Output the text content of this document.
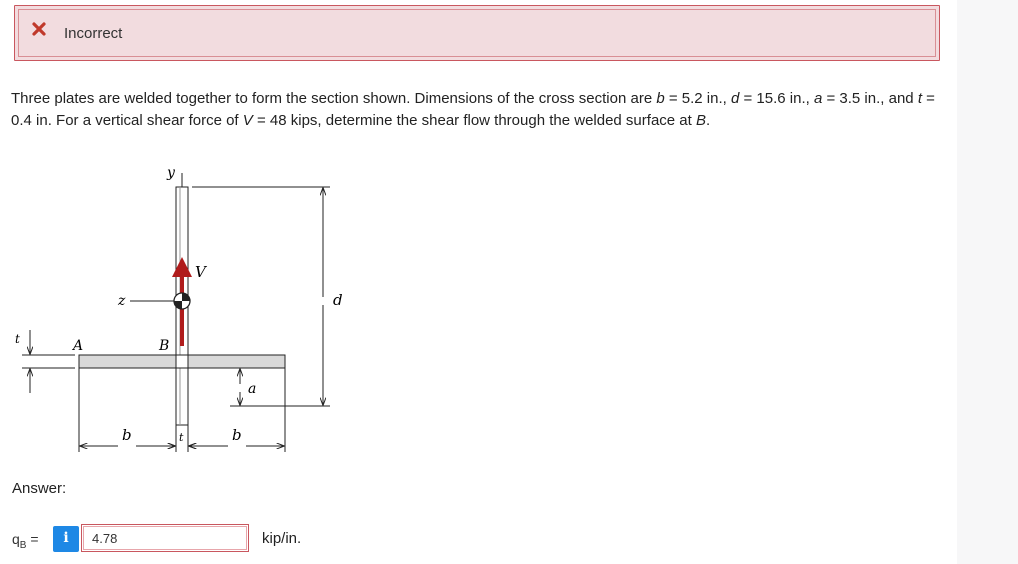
Incorrect
Three plates are welded together to form the section shown. Dimensions of the cross section are b = 5.2 in., d = 15.6 in., a = 3.5 in., and t = 0.4 in. For a vertical shear force of V = 48 kips, determine the shear flow through the welded surface at B.
y
z
V
A	B
d
a
t
b	t	b
Answer:
$q_B$ =	i
4.78	kip/in.
